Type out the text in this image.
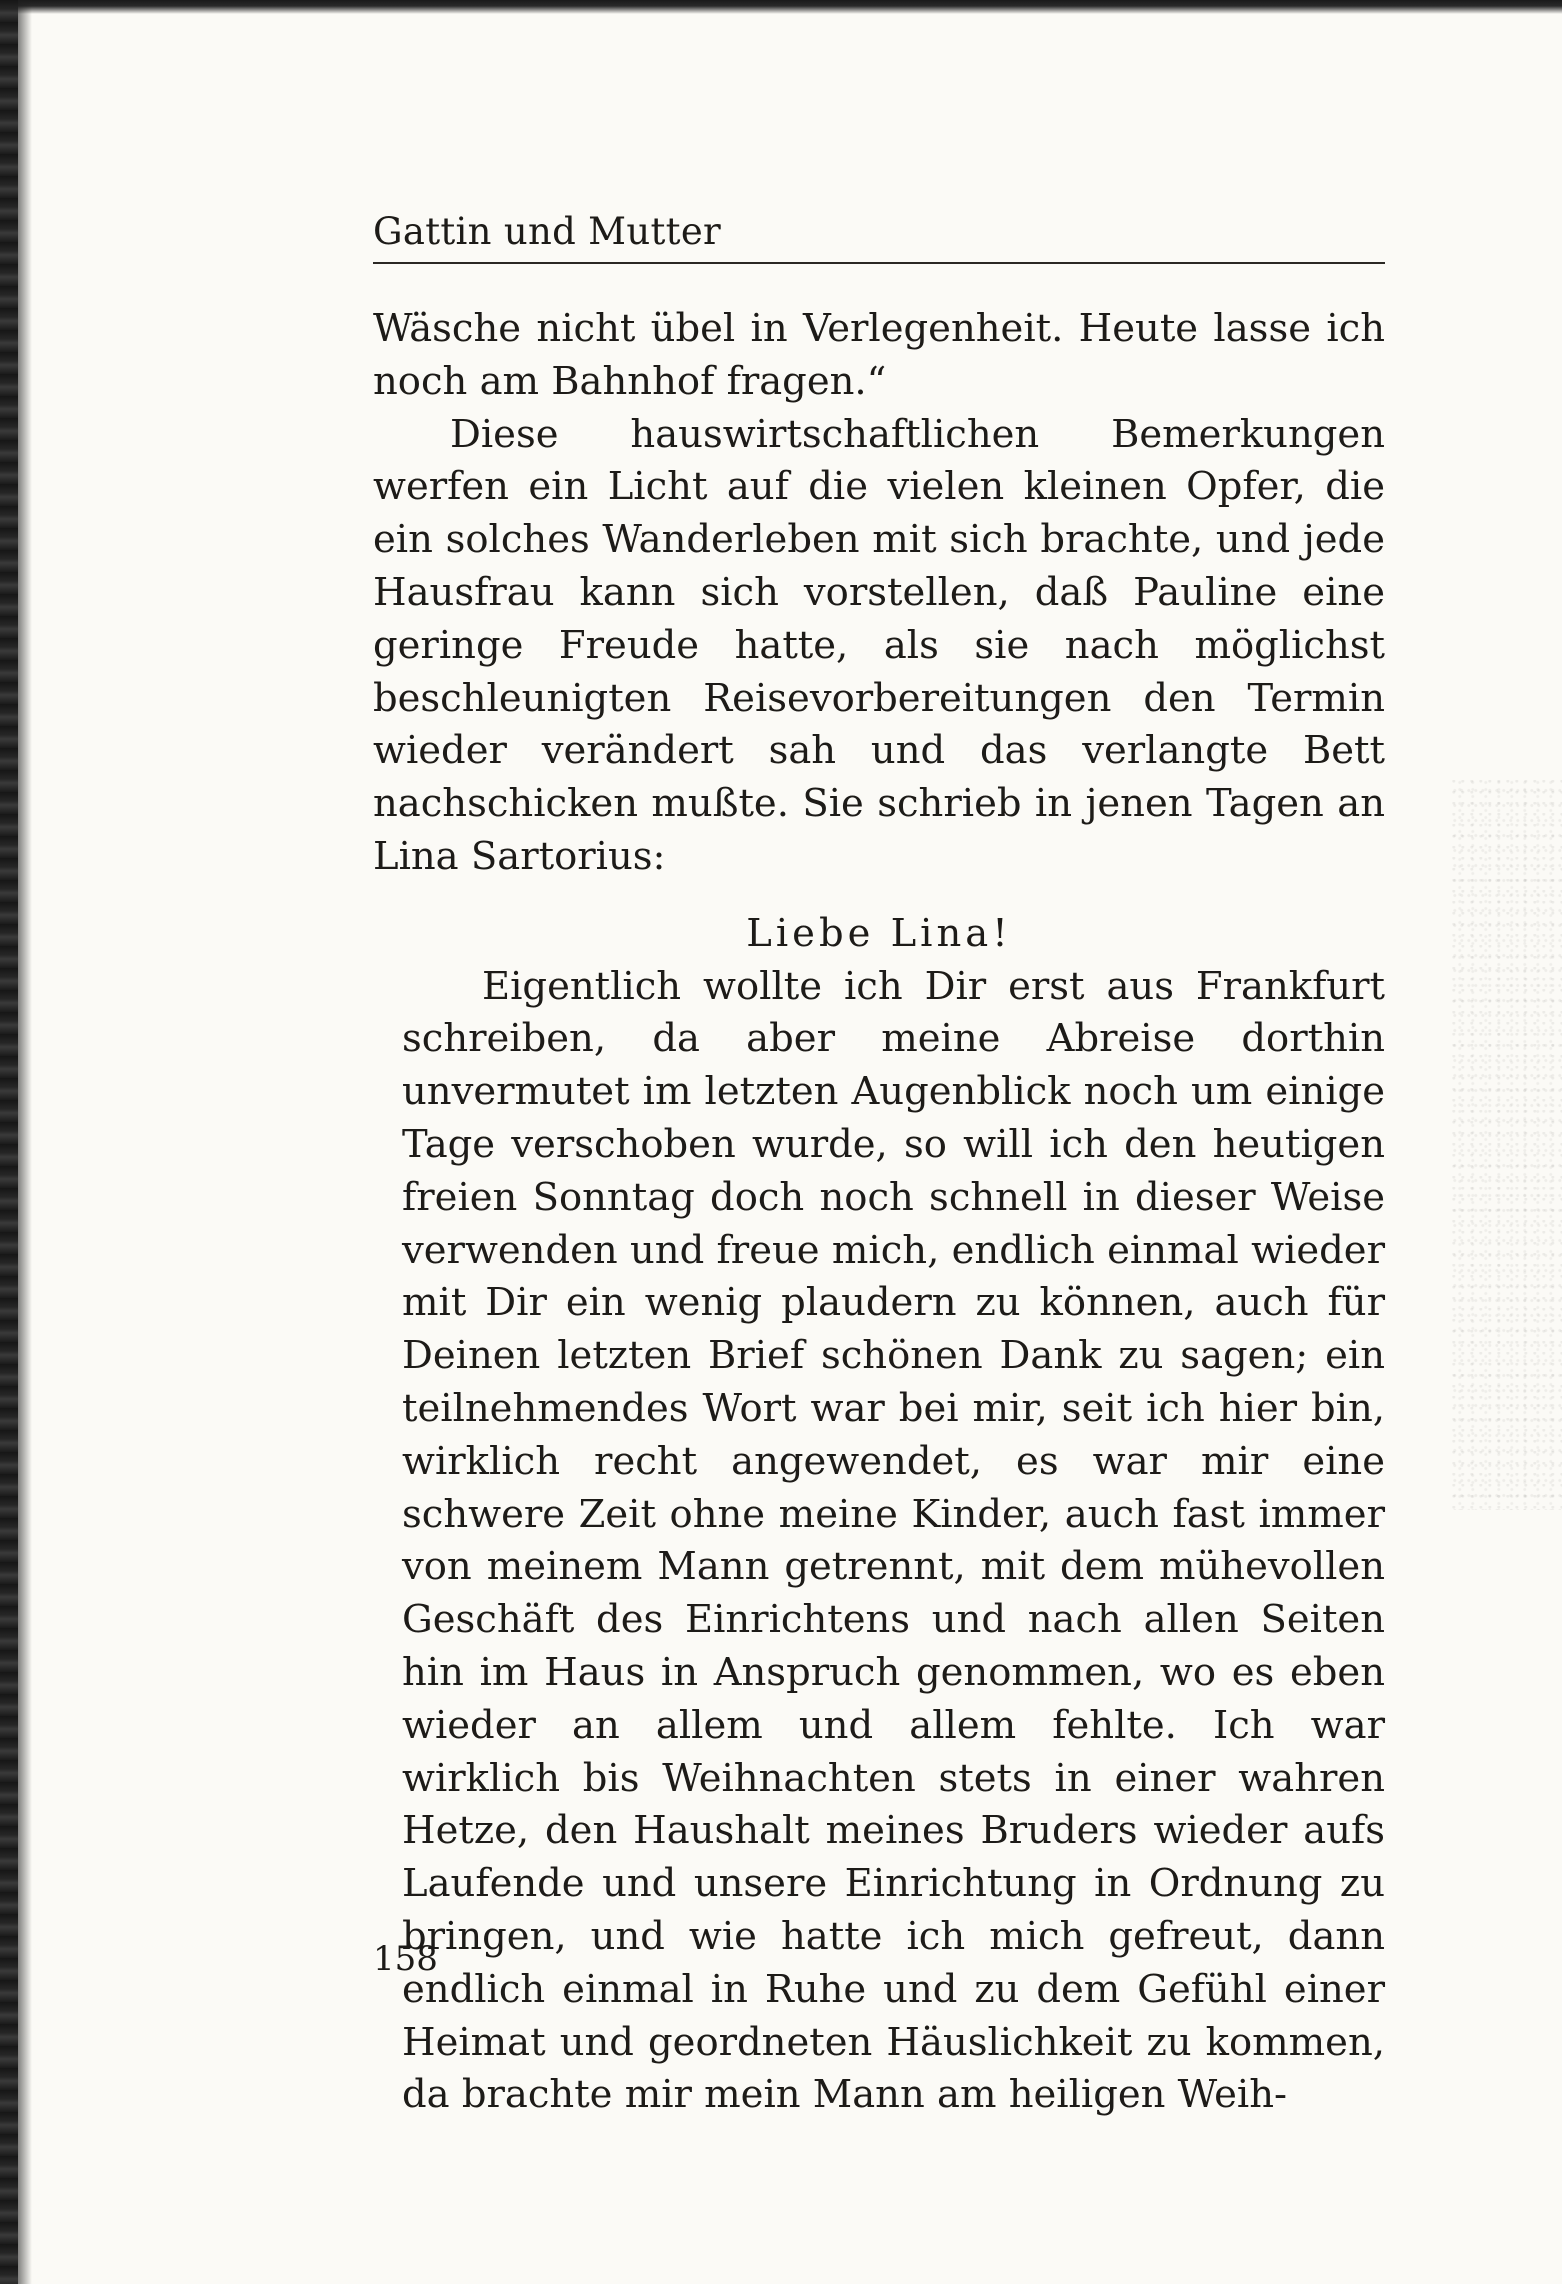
Gattin und Mutter

Wäsche nicht übel in Verlegenheit. Heute lasse ich noch am Bahnhof fragen.“

Diese hauswirtschaftlichen Bemerkungen werfen ein Licht auf die vielen kleinen Opfer, die ein solches Wanderleben mit sich brachte, und jede Hausfrau kann sich vorstellen, daß Pauline eine geringe Freude hatte, als sie nach möglichst beschleunigten Reisevorbereitungen den Termin wieder verändert sah und das verlangte Bett nachschicken mußte. Sie schrieb in jenen Tagen an Lina Sartorius:

Liebe Lina!

Eigentlich wollte ich Dir erst aus Frankfurt schreiben, da aber meine Abreise dorthin unvermutet im letzten Augenblick noch um einige Tage verschoben wurde, so will ich den heutigen freien Sonntag doch noch schnell in dieser Weise verwenden und freue mich, endlich einmal wieder mit Dir ein wenig plaudern zu können, auch für Deinen letzten Brief schönen Dank zu sagen; ein teilnehmendes Wort war bei mir, seit ich hier bin, wirklich recht angewendet, es war mir eine schwere Zeit ohne meine Kinder, auch fast immer von meinem Mann getrennt, mit dem mühevollen Geschäft des Einrichtens und nach allen Seiten hin im Haus in Anspruch genommen, wo es eben wieder an allem und allem fehlte. Ich war wirklich bis Weihnachten stets in einer wahren Hetze, den Haushalt meines Bruders wieder aufs Laufende und unsere Einrichtung in Ordnung zu bringen, und wie hatte ich mich gefreut, dann endlich einmal in Ruhe und zu dem Gefühl einer Heimat und geordneten Häuslichkeit zu kommen, da brachte mir mein Mann am heiligen Weih-

158
